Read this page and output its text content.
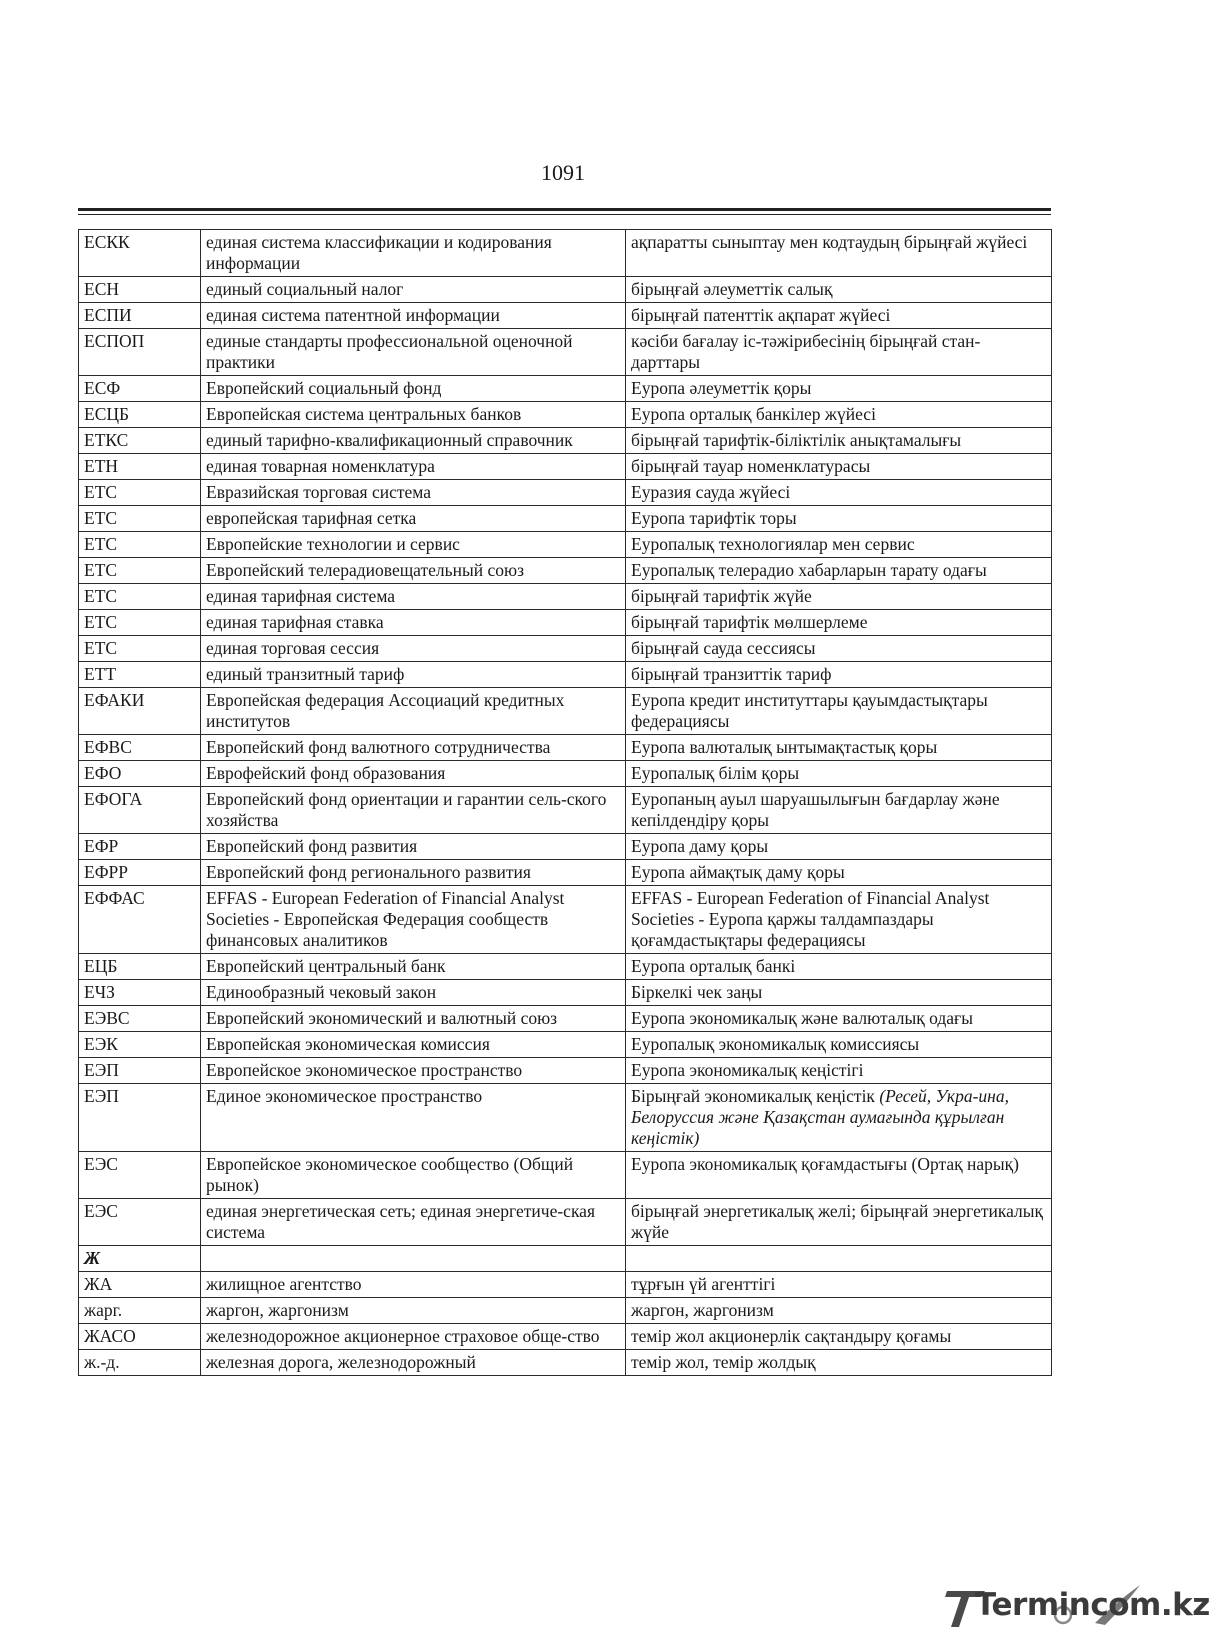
1091
ЕСКК	единая система классификации и кодирования информации	ақпаратты сыныптау мен кодтаудың бірыңғай жүйесі
ЕСН	единый социальный налог	бірыңғай әлеуметтік салық
ЕСПИ	единая система патентной информации	бірыңғай патенттік ақпарат жүйесі
ЕСПОП	единые стандарты профессиональной оценочной практики	кәсіби бағалау іс-тәжірибесінің бірыңғай стан-дарттары
ЕСФ	Европейский социальный фонд	Еуропа әлеуметтік қоры
ЕСЦБ	Европейская система центральных банков	Еуропа орталық банкілер жүйесі
ЕТКС	единый тарифно-квалификационный справочник	бірыңғай тарифтік-біліктілік анықтамалығы
ЕТН	единая товарная номенклатура	бірыңғай тауар номенклатурасы
ЕТС	Евразийская торговая система	Еуразия сауда жүйесі
ЕТС	европейская тарифная сетка	Еуропа тарифтік торы
ЕТС	Европейские технологии и сервис	Еуропалық технологиялар мен сервис
ЕТС	Европейский телерадиовещательный союз	Еуропалық телерадио хабарларын тарату одағы
ЕТС	единая тарифная система	бірыңғай тарифтік жүйе
ЕТС	единая тарифная ставка	бірыңғай тарифтік мөлшерлеме
ЕТС	единая торговая сессия	бірыңғай сауда сессиясы
ЕТТ	единый транзитный тариф	бірыңғай транзиттік тариф
ЕФАКИ	Европейская федерация Ассоциаций кредитных институтов	Еуропа кредит институттары қауымдастықтары федерациясы
ЕФВС	Европейский фонд валютного сотрудничества	Еуропа валюталық ынтымақтастық қоры
ЕФО	Еврофейский фонд образования	Еуропалық білім қоры
ЕФОГА	Европейский фонд ориентации и гарантии сель-ского хозяйства	Еуропаның ауыл шаруашылығын бағдарлау және кепілдендіру қоры
ЕФР	Европейский фонд развития	Еуропа даму қоры
ЕФРР	Европейский фонд регионального развития	Еуропа аймақтық даму қоры
ЕФФАС	EFFAS - European Federation of Financial Analyst Societies - Европейская Федерация сообществ финансовых аналитиков	EFFAS - European Federation of Financial Analyst Societies - Еуропа қаржы талдампаздары қоғамдастықтары федерациясы
ЕЦБ	Европейский центральный банк	Еуропа орталық банкі
ЕЧЗ	Единообразный чековый закон	Біркелкі чек заңы
ЕЭВС	Европейский экономический и валютный союз	Еуропа экономикалық және валюталық одағы
ЕЭК	Европейская экономическая комиссия	Еуропалық экономикалық комиссиясы
ЕЭП	Европейское экономическое пространство	Еуропа экономикалық кеңістігі
ЕЭП	Единое экономическое пространство	Бірыңғай экономикалық кеңістік (Ресей, Укра-ина, Белоруссия және Қазақстан аумағында құрылған кеңістік)
ЕЭС	Европейское экономическое сообщество (Общий рынок)	Еуропа экономикалық қоғамдастығы (Ортақ нарық)
ЕЭС	единая энергетическая сеть; единая энергетиче-ская система	бірыңғай энергетикалық желі; бірыңғай энергетикалық жүйе
Ж		
ЖА	жилищное агентство	тұрғын үй агенттігі
жарг.	жаргон, жаргонизм	жаргон, жаргонизм
ЖАСО	железнодорожное акционерное страховое обще-ство	темір жол акционерлік сақтандыру қоғамы
ж.-д.	железная дорога, железнодорожный	темір жол, темір жолдық
Termincom.kz
